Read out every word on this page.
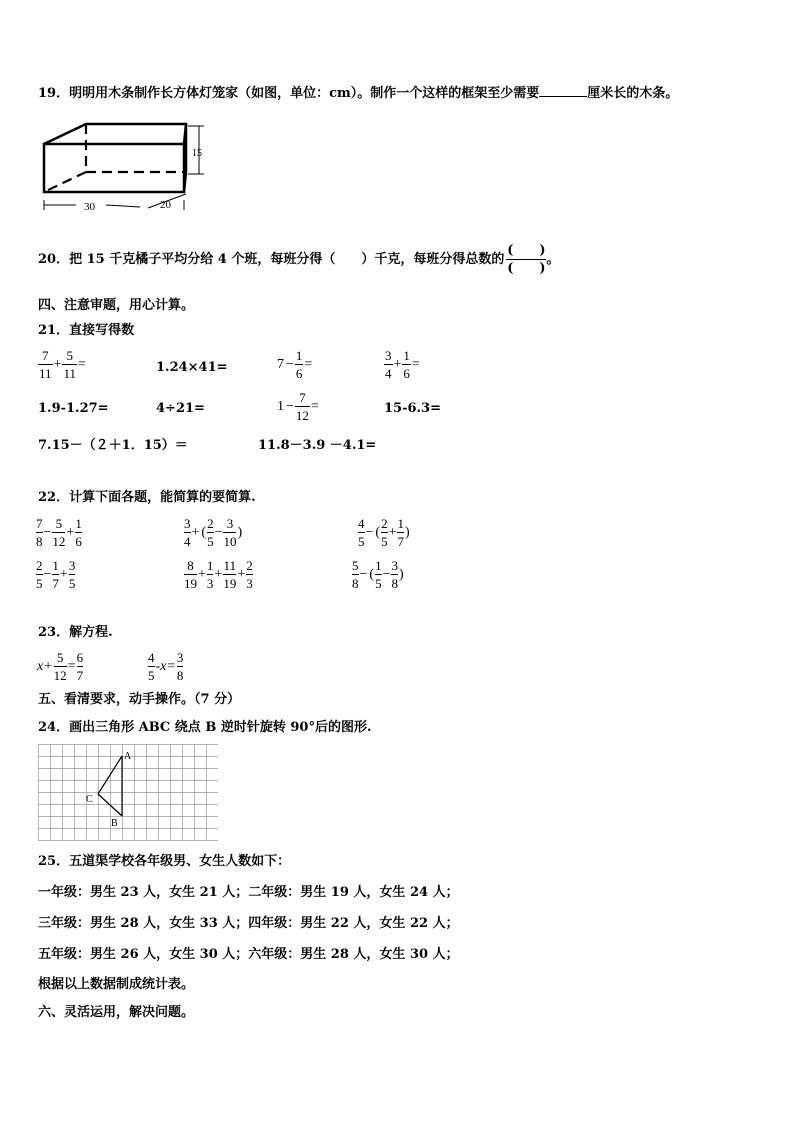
19．明明用木条制作长方体灯笼家（如图，单位：cm）。制作一个这样的框架至少需要	厘米长的木条。
15
30	20
20．把 15 千克橘子平均分给 4 个班，每班分得（　　）千克，每班分得总数的 $\frac{( )}{( )}$ 。
四、注意审题，用心计算。
21．直接写得数
$\frac{7}{11} + \frac{5}{11}$ =	1.24×41=	$7 - \frac{1}{6}$ =	$\frac{3}{4} + \frac{1}{6}$ =
1.9-1.27=	4÷21=	$1 - \frac{7}{12}$ =	15-6.3=
7.15－（２＋1．15）＝	11.8－3.9 －4.1=
22．计算下面各题，能简算的要简算.
$\frac{7}{8} - \frac{5}{12} + \frac{1}{6}$	$\frac{3}{4}$ + ( $\frac{2}{5} - \frac{3}{10}$ )	$\frac{4}{5}$ − ( $\frac{2}{5} + \frac{1}{7}$ )
$\frac{2}{5} - \frac{1}{7} + \frac{3}{5}$	$\frac{8}{19} + \frac{1}{3} + \frac{11}{19} + \frac{2}{3}$	$\frac{5}{8}$ − ( $\frac{1}{5} - \frac{3}{8}$ )
23．解方程.
$x+ \frac{5}{12} = \frac{6}{7}$	$\frac{4}{5} -x= \frac{3}{8}$
五、看清要求，动手操作。（7 分）
24．画出三角形 ABC 绕点 B 逆时针旋转 90°后的图形.
A
B
C
25．五道渠学校各年级男、女生人数如下：
一年级：男生 23 人，女生 21 人；二年级：男生 19 人，女生 24 人；
三年级：男生 28 人，女生 33 人；四年级：男生 22 人，女生 22 人；
五年级：男生 26 人，女生 30 人；六年级：男生 28 人，女生 30 人；
根据以上数据制成统计表。
六、灵活运用，解决问题。
